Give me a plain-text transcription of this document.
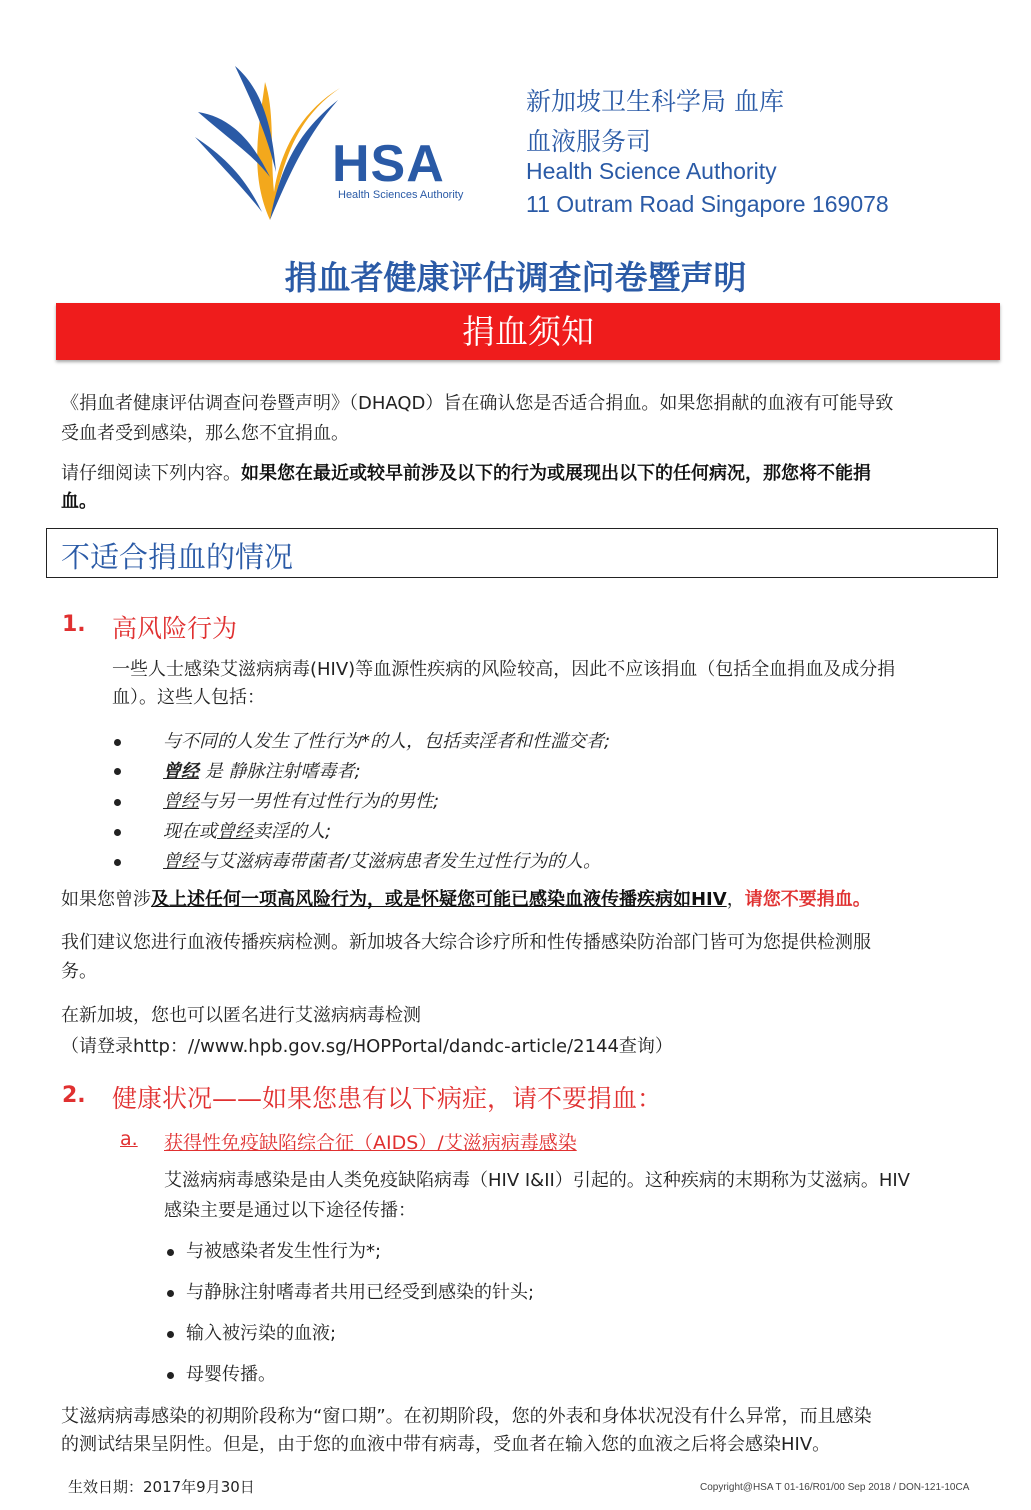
HSA
Health Sciences Authority
新加坡卫生科学局 血库
血液服务司
Health Science Authority
11 Outram Road Singapore 169078
捐血者健康评估调查问卷暨声明
捐血须知
《捐血者健康评估调查问卷暨声明》（DHAQD）旨在确认您是否适合捐血。如果您捐献的血液有可能导致
受血者受到感染，那么您不宜捐血。
请仔细阅读下列内容。如果您在最近或较早前涉及以下的行为或展现出以下的任何病况，那您将不能捐
血。
不适合捐血的情况
1. 高风险行为
一些人士感染艾滋病病毒(HIV)等血源性疾病的风险较高，因此不应该捐血（包括全血捐血及成分捐
血）。这些人包括：
与不同的人发生了性行为*的人，包括卖淫者和性滥交者;
曾经 是 静脉注射嗜毒者;
曾经与另一男性有过性行为的男性;
现在或曾经卖淫的人;
曾经与艾滋病毒带菌者/艾滋病患者发生过性行为的人。
如果您曾涉及上述任何一项高风险行为，或是怀疑您可能已感染血液传播疾病如HIV，请您不要捐血。
我们建议您进行血液传播疾病检测。新加坡各大综合诊疗所和性传播感染防治部门皆可为您提供检测服
务。
在新加坡，您也可以匿名进行艾滋病病毒检测
（请登录http：//www.hpb.gov.sg/HOPPortal/dandc-article/2144查询）
2. 健康状况——如果您患有以下病症，请不要捐血：
a. 获得性免疫缺陷综合征（AIDS）/艾滋病病毒感染
艾滋病病毒感染是由人类免疫缺陷病毒（HIV I&II）引起的。这种疾病的末期称为艾滋病。HIV
感染主要是通过以下途径传播：
与被感染者发生性行为*;
与静脉注射嗜毒者共用已经受到感染的针头;
输入被污染的血液;
母婴传播。
艾滋病病毒感染的初期阶段称为“窗口期”。在初期阶段，您的外表和身体状况没有什么异常，而且感染
的测试结果呈阴性。但是，由于您的血液中带有病毒，受血者在输入您的血液之后将会感染HIV。
生效日期：2017年9月30日	Copyright@HSA T 01-16/R01/00 Sep 2018 / DON-121-10CA
